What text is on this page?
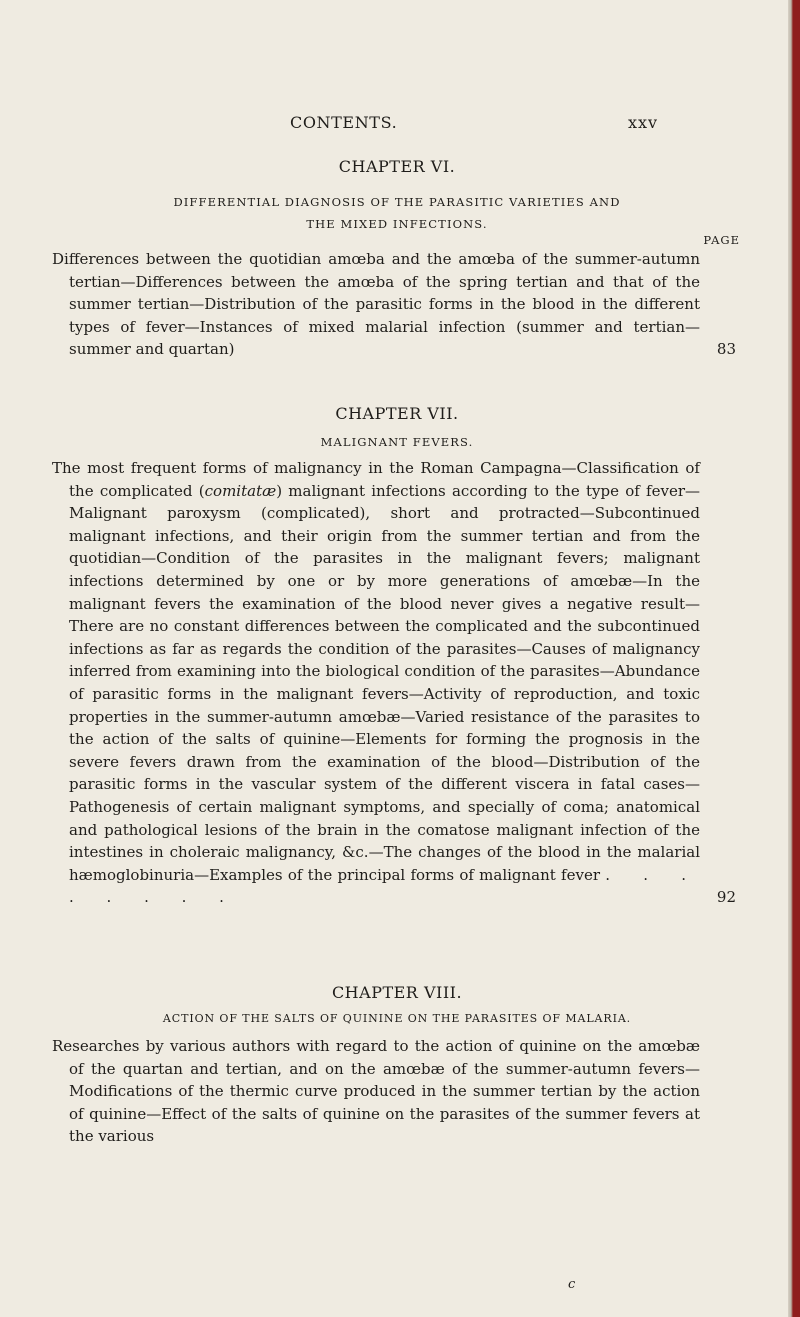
CONTENTS.	xxv

CHAPTER VI.

DIFFERENTIAL DIAGNOSIS OF THE PARASITIC VARIETIES AND

THE MIXED INFECTIONS.

PAGE

Differences between the quotidian amœba and the amœba of the summer-autumn tertian—Differences between the amœba of the spring tertian and that of the summer tertian—Distribution of the parasitic forms in the blood in the different types of fever—Instances of mixed malarial infection (summer and tertian—summer and quartan)	83

CHAPTER VII.

MALIGNANT FEVERS.

The most frequent forms of malignancy in the Roman Campagna—Classification of the complicated (comitatæ) malignant infections according to the type of fever—Malignant paroxysm (complicated), short and protracted—Subcontinued malignant infections, and their origin from the summer tertian and from the quotidian—Condition of the parasites in the malignant fevers; malignant infections determined by one or by more generations of amœbæ—In the malignant fevers the examination of the blood never gives a negative result—There are no constant differences between the complicated and the subcontinued infections as far as regards the condition of the parasites—Causes of malignancy inferred from examining into the biological condition of the parasites—Abundance of parasitic forms in the malignant fevers—Activity of reproduction, and toxic properties in the summer-autumn amœbæ—Varied resistance of the parasites to the action of the salts of quinine—Elements for forming the prognosis in the severe fevers drawn from the examination of the blood—Distribution of the parasitic forms in the vascular system of the different viscera in fatal cases—Pathogenesis of certain malignant symptoms, and specially of coma; anatomical and pathological lesions of the brain in the comatose malignant infection of the intestines in choleraic malignancy, &c.—The changes of the blood in the malarial hæmoglobinuria—Examples of the principal forms of malignant fever . . . . . . . .	92

CHAPTER VIII.

ACTION OF THE SALTS OF QUININE ON THE PARASITES OF MALARIA.

Researches by various authors with regard to the action of quinine on the amœbæ of the quartan and tertian, and on the amœbæ of the summer-autumn fevers—Modifications of the thermic curve produced in the summer tertian by the action of quinine—Effect of the salts of quinine on the parasites of the summer fevers at the various

c
